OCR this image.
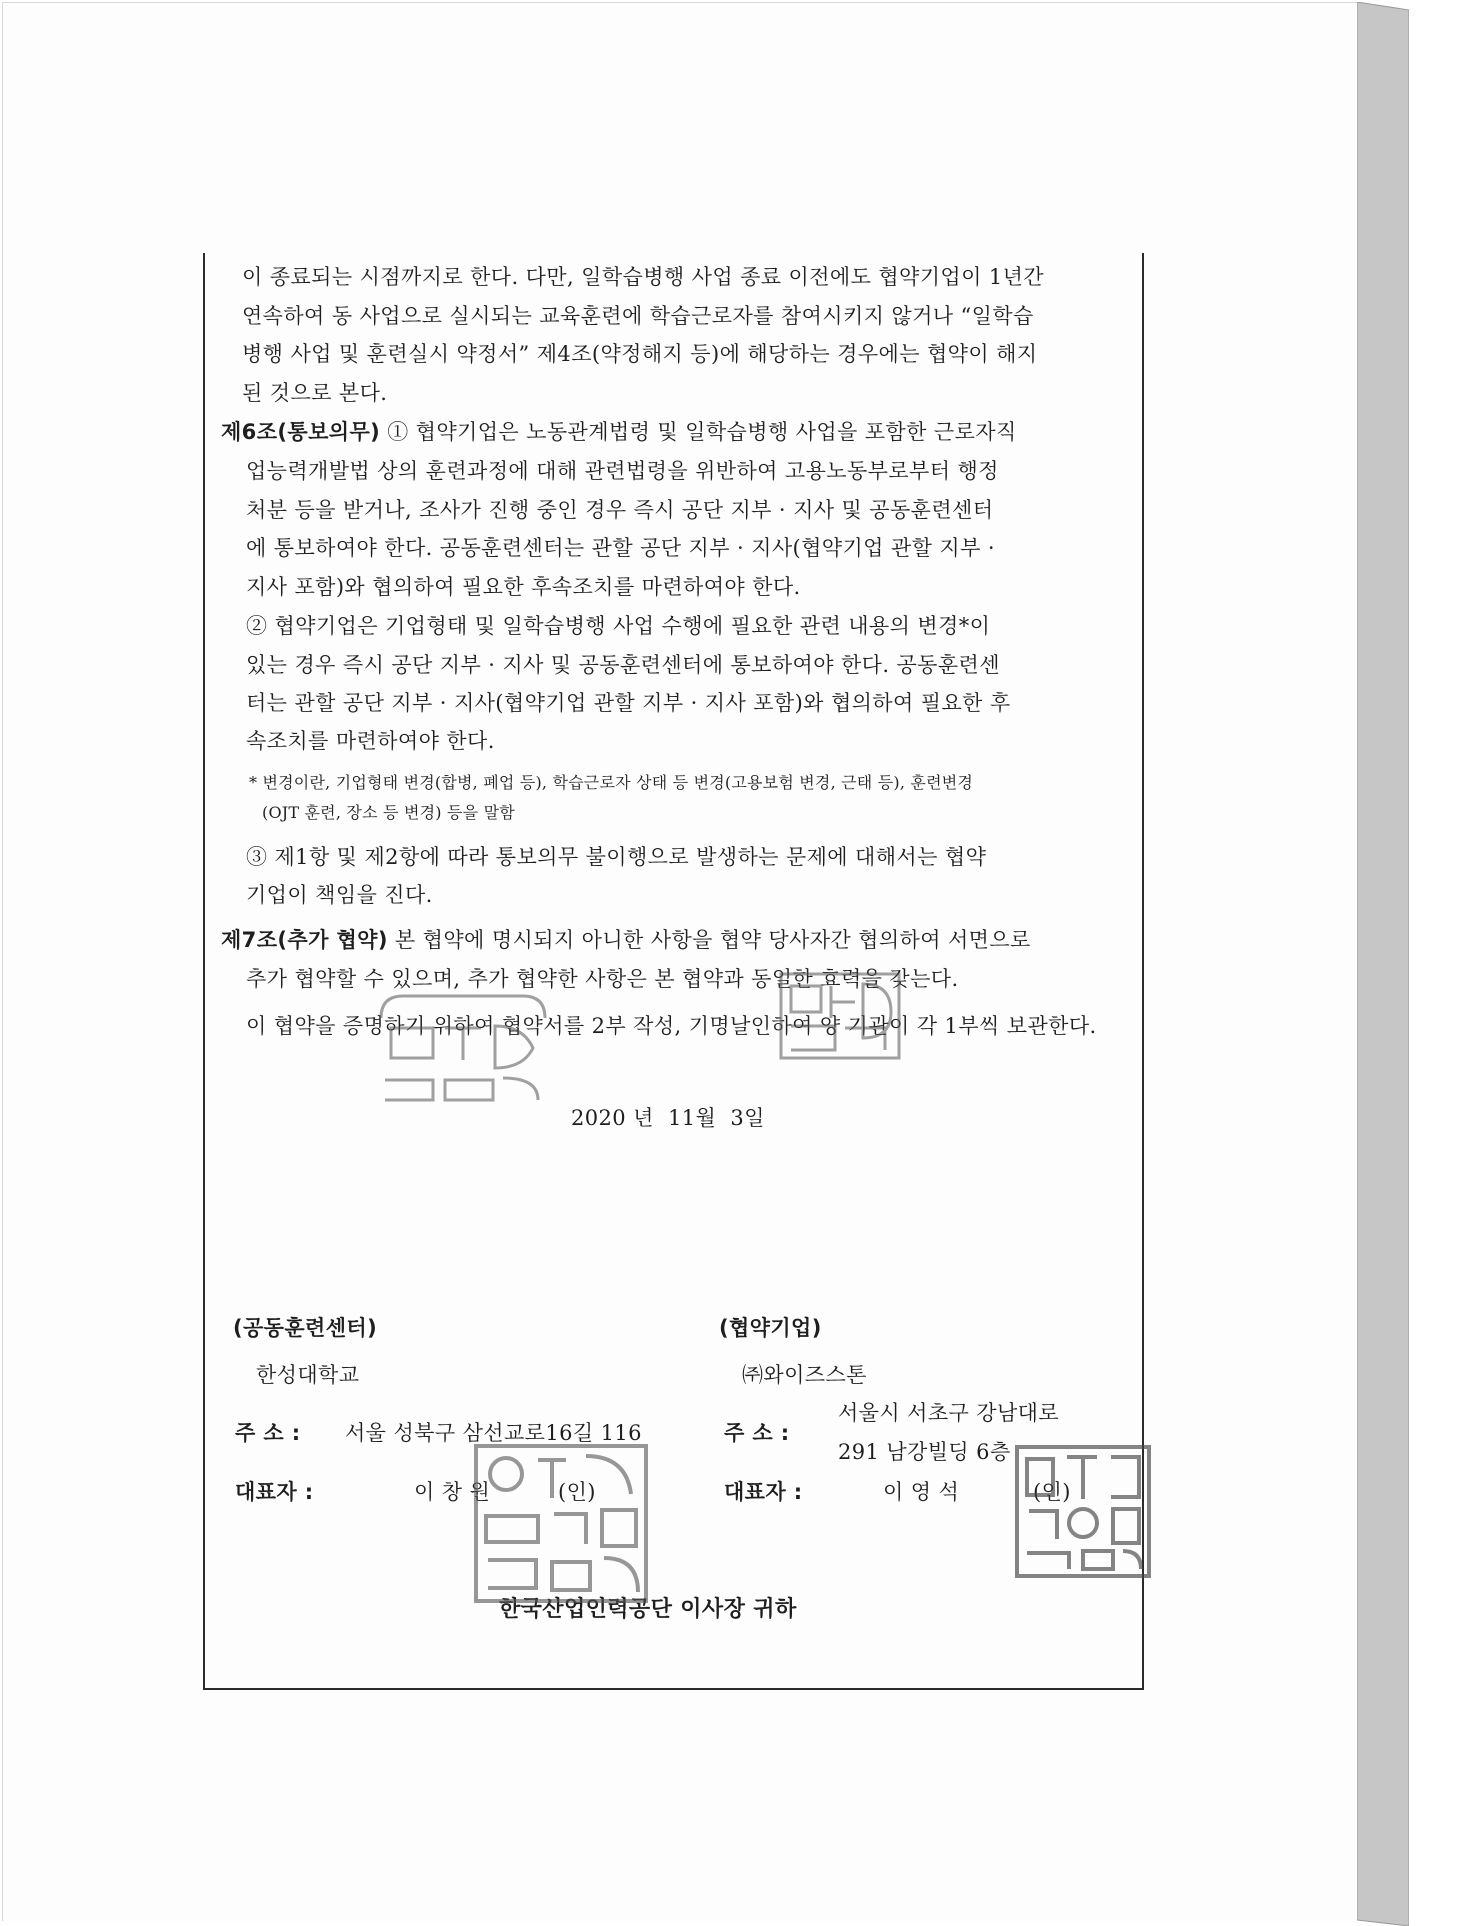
이 종료되는 시점까지로 한다. 다만, 일학습병행 사업 종료 이전에도 협약기업이 1년간
연속하여 동 사업으로 실시되는 교육훈련에 학습근로자를 참여시키지 않거나 “일학습
병행 사업 및 훈련실시 약정서” 제4조(약정해지 등)에 해당하는 경우에는 협약이 해지
된 것으로 본다.
제6조(통보의무) ① 협약기업은 노동관계법령 및 일학습병행 사업을 포함한 근로자직
업능력개발법 상의 훈련과정에 대해 관련법령을 위반하여 고용노동부로부터 행정
처분 등을 받거나, 조사가 진행 중인 경우 즉시 공단 지부 · 지사 및 공동훈련센터
에 통보하여야 한다. 공동훈련센터는 관할 공단 지부 · 지사(협약기업 관할 지부 ·
지사 포함)와 협의하여 필요한 후속조치를 마련하여야 한다.
② 협약기업은 기업형태 및 일학습병행 사업 수행에 필요한 관련 내용의 변경*이
있는 경우 즉시 공단 지부 · 지사 및 공동훈련센터에 통보하여야 한다. 공동훈련센
터는 관할 공단 지부 · 지사(협약기업 관할 지부 · 지사 포함)와 협의하여 필요한 후
속조치를 마련하여야 한다.
* 변경이란, 기업형태 변경(합병, 폐업 등), 학습근로자 상태 등 변경(고용보험 변경, 근태 등), 훈련변경
(OJT 훈련, 장소 등 변경) 등을 말함
③ 제1항 및 제2항에 따라 통보의무 불이행으로 발생하는 문제에 대해서는 협약
기업이 책임을 진다.
제7조(추가 협약) 본 협약에 명시되지 아니한 사항을 협약 당사자간 협의하여 서면으로
추가 협약할 수 있으며, 추가 협약한 사항은 본 협약과 동일한 효력을 갖는다.
이 협약을 증명하기 위하여 협약서를 2부 작성, 기명날인하여 양 기관이 각 1부씩 보관한다.
2020 년 11월 3일
(공동훈련센터)
한성대학교
주 소 : 서울 성북구 삼선교로16길 116
대표자 :	이 창 원	(인)
(협약기업)
㈜와이즈스톤
주 소 :
서울시 서초구 강남대로
291 남강빌딩 6층
대표자 :	이 영 석	(인)
한국산업인력공단 이사장 귀하
